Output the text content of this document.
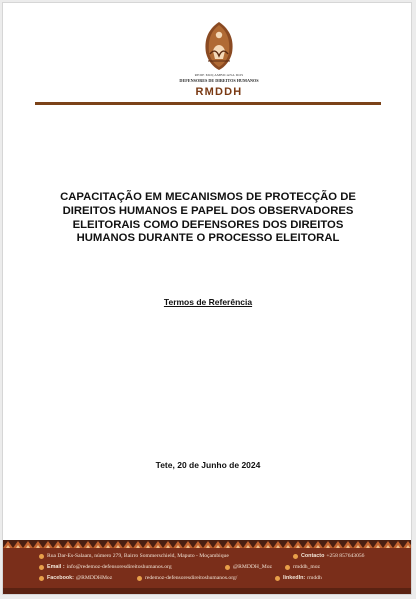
REDE MOÇAMBICANA DOS
DEFENSORES DE DIREITOS HUMANOS
RMDDH
CAPACITAÇÃO EM MECANISMOS DE PROTECÇÃO DE
DIREITOS HUMANOS E PAPEL DOS OBSERVADORES
ELEITORAIS COMO DEFENSORES DOS DIREITOS
HUMANOS DURANTE O PROCESSO ELEITORAL
Termos de Referência
Tete, 20 de Junho de 2024
Rua Dar-Es-Salaam, número 279, Bairro Sommerschield, Maputo - Moçambique	Contacto +258 857643056
Email : info@redemoz-defensoresdireitoshumanos.org	@RMDDH_Moz	rmddh_moz
Facebook: @RMDDHMoz	redemoz-defensoresdireitoshumanos.org/	linkedIn: rmddh
